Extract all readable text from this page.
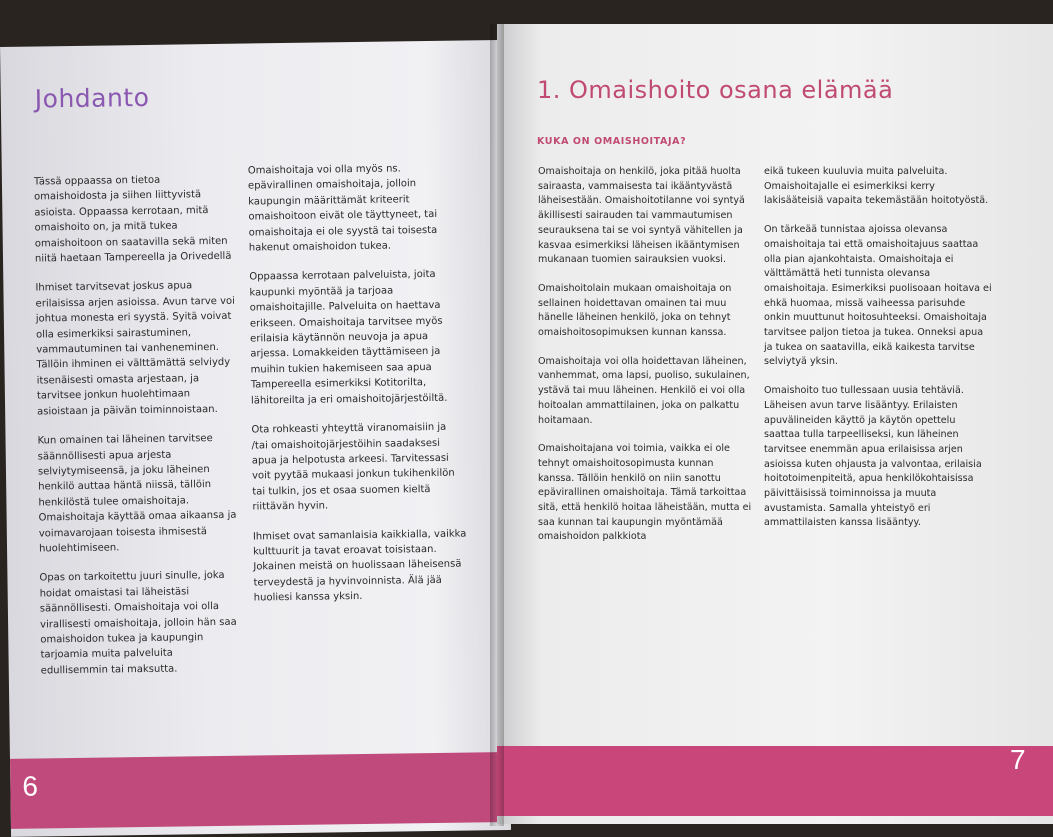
Johdanto

Tässä oppaassa on tietoa omaishoidosta ja siihen liittyvistä asioista. Oppaassa kerrotaan, mitä omaishoito on, ja mitä tukea omaishoitoon on saatavilla sekä miten niitä haetaan Tampereella ja Orivedellä

Ihmiset tarvitsevat joskus apua erilaisissa arjen asioissa. Avun tarve voi johtua monesta eri syystä. Syitä voivat olla esimerkiksi sairastuminen, vammautuminen tai vanheneminen. Tällöin ihminen ei välttämättä selviydy itsenäisesti omasta arjestaan, ja tarvitsee jonkun huolehtimaan asioistaan ja päivän toiminnoistaan.

Kun omainen tai läheinen tarvitsee säännöllisesti apua arjesta selviytymiseensä, ja joku läheinen henkilö auttaa häntä niissä, tällöin henkilöstä tulee omaishoitaja. Omaishoitaja käyttää omaa aikaansa ja voimavarojaan toisesta ihmisestä huolehtimiseen.

Opas on tarkoitettu juuri sinulle, joka hoidat omaistasi tai läheistäsi säännöllisesti. Omaishoitaja voi olla virallisesti omaishoitaja, jolloin hän saa omaishoidon tukea ja kaupungin tarjoamia muita palveluita edullisemmin tai maksutta.

Omaishoitaja voi olla myös ns. epävirallinen omaishoitaja, jolloin kaupungin määrittämät kriteerit omaishoitoon eivät ole täyttyneet, tai omaishoitaja ei ole syystä tai toisesta hakenut omaishoidon tukea.

Oppaassa kerrotaan palveluista, joita kaupunki myöntää ja tarjoaa omaishoitajille. Palveluita on haettava erikseen. Omaishoitaja tarvitsee myös erilaisia käytännön neuvoja ja apua arjessa. Lomakkeiden täyttämiseen ja muihin tukien hakemiseen saa apua Tampereella esimerkiksi Kotitorilta, lähitoreilta ja eri omaishoitojärjestöiltä.

Ota rohkeasti yhteyttä viranomaisiin ja /tai omaishoitojärjestöihin saadaksesi apua ja helpotusta arkeesi. Tarvitessasi voit pyytää mukaasi jonkun tukihenkilön tai tulkin, jos et osaa suomen kieltä riittävän hyvin.

Ihmiset ovat samanlaisia kaikkialla, vaikka kulttuurit ja tavat eroavat toisistaan. Jokainen meistä on huolissaan läheisensä terveydestä ja hyvinvoinnista. Älä jää huoliesi kanssa yksin.

6
1. Omaishoito osana elämää
KUKA ON OMAISHOITAJA?

Omaishoitaja on henkilö, joka pitää huolta sairaasta, vammaisesta tai ikääntyvästä läheisestään. Omaishoitotilanne voi syntyä äkillisesti sairauden tai vammautumisen seurauksena tai se voi syntyä vähitellen ja kasvaa esimerkiksi läheisen ikääntymisen mukanaan tuomien sairauksien vuoksi.

Omaishoitolain mukaan omaishoitaja on sellainen hoidettavan omainen tai muu hänelle läheinen henkilö, joka on tehnyt omaishoitosopimuksen kunnan kanssa.

Omaishoitaja voi olla hoidettavan läheinen, vanhemmat, oma lapsi, puoliso, sukulainen, ystävä tai muu läheinen. Henkilö ei voi olla hoitoalan ammattilainen, joka on palkattu hoitamaan.

Omaishoitajana voi toimia, vaikka ei ole tehnyt omaishoitosopimusta kunnan kanssa. Tällöin henkilö on niin sanottu epävirallinen omaishoitaja. Tämä tarkoittaa sitä, että henkilö hoitaa läheistään, mutta ei saa kunnan tai kaupungin myöntämää omaishoidon palkkiota

eikä tukeen kuuluvia muita palveluita. Omaishoitajalle ei esimerkiksi kerry lakisääteisiä vapaita tekemästään hoitotyöstä.

On tärkeää tunnistaa ajoissa olevansa omaishoitaja tai että omaishoitajuus saattaa olla pian ajankohtaista. Omaishoitaja ei välttämättä heti tunnista olevansa omaishoitaja. Esimerkiksi puolisoaan hoitava ei ehkä huomaa, missä vaiheessa parisuhde onkin muuttunut hoitosuhteeksi. Omaishoitaja tarvitsee paljon tietoa ja tukea. Onneksi apua ja tukea on saatavilla, eikä kaikesta tarvitse selviytyä yksin.

Omaishoito tuo tullessaan uusia tehtäviä. Läheisen avun tarve lisääntyy. Erilaisten apuvälineiden käyttö ja käytön opettelu saattaa tulla tarpeelliseksi, kun läheinen tarvitsee enemmän apua erilaisissa arjen asioissa kuten ohjausta ja valvontaa, erilaisia hoitotoimenpiteitä, apua henkilökohtaisissa päivittäisissä toiminnoissa ja muuta avustamista. Samalla yhteistyö eri ammattilaisten kanssa lisääntyy.

7
